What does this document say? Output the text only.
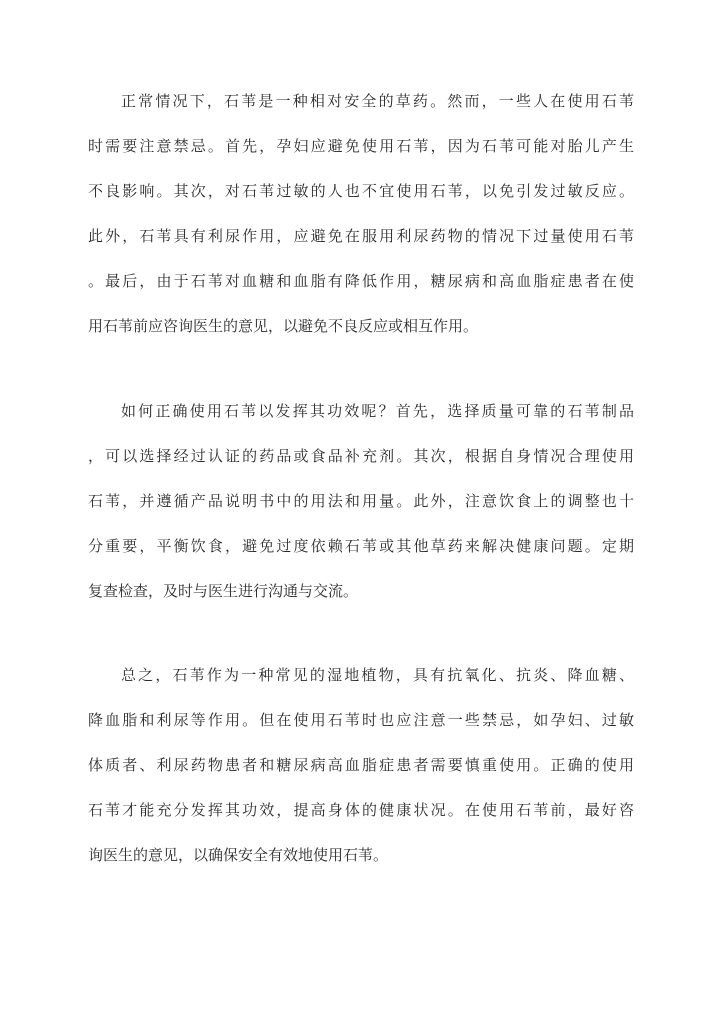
正常情况下，石苇是一种相对安全的草药。然而，一些人在使用石苇
时需要注意禁忌。首先，孕妇应避免使用石苇，因为石苇可能对胎儿产生
不良影响。其次，对石苇过敏的人也不宜使用石苇，以免引发过敏反应。
此外，石苇具有利尿作用，应避免在服用利尿药物的情况下过量使用石苇
。最后，由于石苇对血糖和血脂有降低作用，糖尿病和高血脂症患者在使
用石苇前应咨询医生的意见，以避免不良反应或相互作用。

如何正确使用石苇以发挥其功效呢？首先，选择质量可靠的石苇制品
，可以选择经过认证的药品或食品补充剂。其次，根据自身情况合理使用
石苇，并遵循产品说明书中的用法和用量。此外，注意饮食上的调整也十
分重要，平衡饮食，避免过度依赖石苇或其他草药来解决健康问题。定期
复查检查，及时与医生进行沟通与交流。

总之，石苇作为一种常见的湿地植物，具有抗氧化、抗炎、降血糖、
降血脂和利尿等作用。但在使用石苇时也应注意一些禁忌，如孕妇、过敏
体质者、利尿药物患者和糖尿病高血脂症患者需要慎重使用。正确的使用
石苇才能充分发挥其功效，提高身体的健康状况。在使用石苇前，最好咨
询医生的意见，以确保安全有效地使用石苇。
